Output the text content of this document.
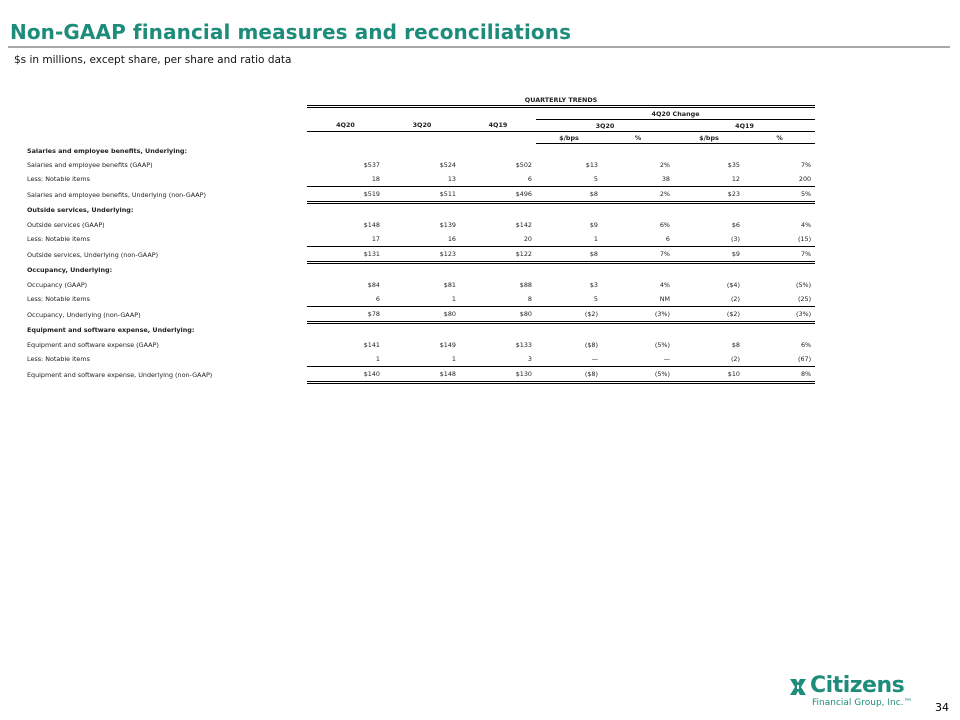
Non-GAAP financial measures and reconciliations
$s in millions, except share, per share and ratio data
	QUARTERLY TRENDS						
				4Q20 Change			
	4Q20	3Q20	4Q19	3Q20		4Q19	
				$/bps	%	$/bps	%
Salaries and employee benefits, Underlying:							
Salaries and employee benefits (GAAP)	$537	$524	$502	$13	2%	$35	7%
Less: Notable items	18	13	6	5	38	12	200
Salaries and employee benefits, Underlying (non-GAAP)	$519	$511	$496	$8	2%	$23	5%
Outside services, Underlying:							
Outside services (GAAP)	$148	$139	$142	$9	6%	$6	4%
Less: Notable items	17	16	20	1	6	(3)	(15)
Outside services, Underlying (non-GAAP)	$131	$123	$122	$8	7%	$9	7%
Occupancy, Underlying:							
Occupancy (GAAP)	$84	$81	$88	$3	4%	($4)	(5%)
Less: Notable items	6	1	8	5	NM	(2)	(25)
Occupancy, Underlying (non-GAAP)	$78	$80	$80	($2)	(3%)	($2)	(3%)
Equipment and software expense, Underlying:							
Equipment and software expense (GAAP)	$141	$149	$133	($8)	(5%)	$8	6%
Less: Notable items	1	1	3	—	—	(2)	(67)
Equipment and software expense, Underlying (non-GAAP)	$140	$148	$130	($8)	(5%)	$10	8%
Citizens
Financial Group, Inc.™ 34
